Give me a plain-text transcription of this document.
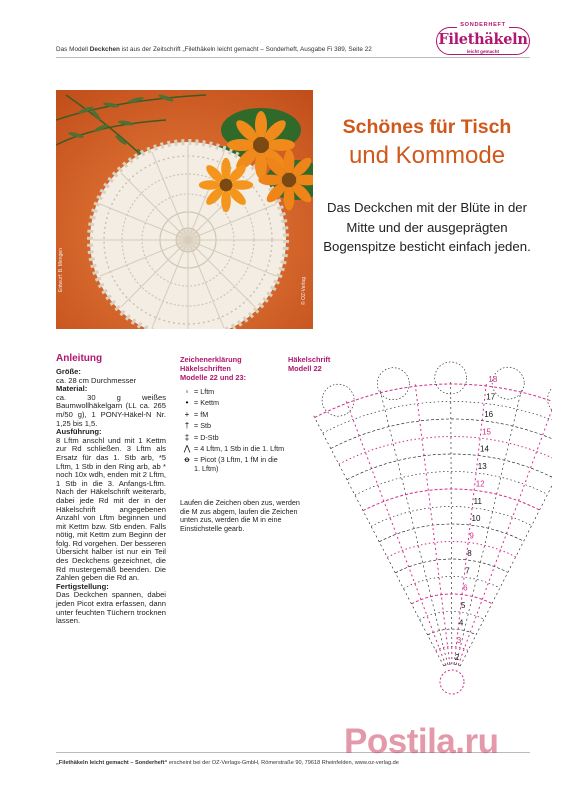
Das Modell Deckchen ist aus der Zeitschrift „Filethäkeln leicht gemacht – Sonderheft, Ausgabe Fi 389, Seite 22
SONDERHEFT
Filethäkeln
leicht gemacht
Entwurf: B. Mengen	© OZ-Verlag
Schönes für Tisch
und Kommode
Das Deckchen mit der Blüte in der Mitte und der ausgeprägten Bogenspitze besticht einfach jeden.
Anleitung
Größe:

ca. 28 cm Durchmesser

Material:

ca. 30 g weißes Baumwollhäkelgarn (LL ca. 265 m/50 g), 1 PONY-Häkel-N Nr. 1,25 bis 1,5.

Ausführung:

8 Lftm anschl und mit 1 Kettm zur Rd schließen. 3 Lftm als Ersatz für das 1. Stb arb, *5 Lftm, 1 Stb in den Ring arb, ab * noch 10x wdh, enden mit 2 Lftm, 1 Stb in die 3. Anfangs-Lftm. Nach der Häkelschrift weiterarb, dabei jede Rd mit der in der Häkelschrift angegebenen Anzahl von Lftm beginnen und mit Kettm bzw. Stb enden. Falls nötig, mit Kettm zum Beginn der folg. Rd vorgehen. Der besseren Übersicht halber ist nur ein Teil des Deckchens gezeichnet, die Rd mustergemäß beenden. Die Zahlen geben die Rd an.

Fertigstellung:

Das Deckchen spannen, dabei jeden Picot extra erfassen, dann unter feuchten Tüchern trocknen lassen.

Zeichenerklärung
Häkelschriften
Modelle 22 und 23:
◦ = Lftm
• = Kettm
+ = fM
† = Stb
‡ = D-Stb
⋀ = 4 Lftm, 1 Stb in die 1. Lftm
ꝋ = Picot (3 Lftm, 1 fM in die 1. Lftm)
Laufen die Zeichen oben zus, werden die M zus abgem, laufen die Zeichen unten zus, werden die M in eine Einstichstelle gearb.
Häkelschrift
Modell 22
2
3
4
5
6
7
8
9
10
11
12
13
14
15
16
17
18
„Filethäkeln leicht gemacht – Sonderheft“ erscheint bei der OZ-Verlags-GmbH, Römerstraße 90, 79618 Rheinfelden, www.oz-verlag.de
Postila.ru
